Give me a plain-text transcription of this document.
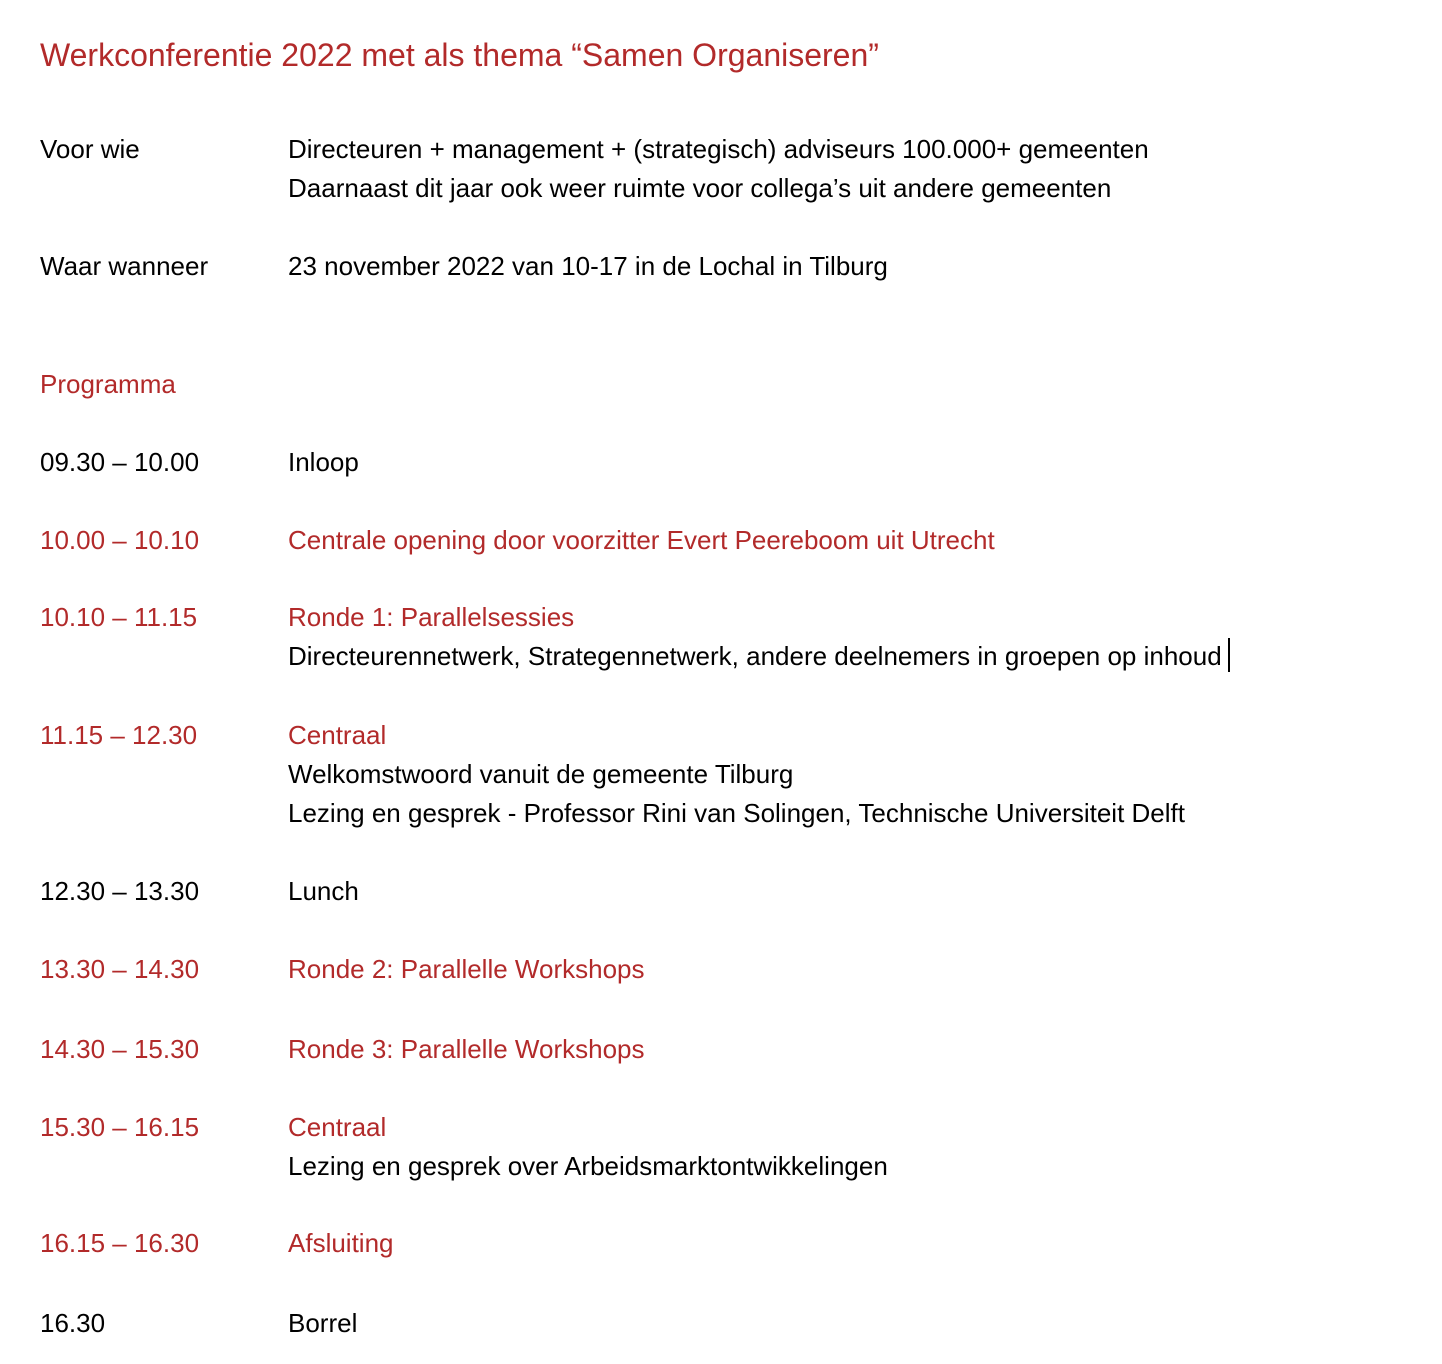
Werkconferentie 2022 met als thema “Samen Organiseren”
Voor wie	Directeuren + management + (strategisch) adviseurs 100.000+ gemeenten
Daarnaast dit jaar ook weer ruimte voor collega’s uit andere gemeenten
Waar wanneer	23 november 2022 van 10-17 in de Lochal in Tilburg
Programma
09.30 – 10.00	Inloop
10.00 – 10.10	Centrale opening door voorzitter Evert Peereboom uit Utrecht
10.10 – 11.15	Ronde 1: Parallelsessies
Directeurennetwerk, Strategennetwerk, andere deelnemers in groepen op inhoud
11.15 – 12.30	Centraal
Welkomstwoord vanuit de gemeente Tilburg
Lezing en gesprek - Professor Rini van Solingen, Technische Universiteit Delft
12.30 – 13.30	Lunch
13.30 – 14.30	Ronde 2: Parallelle Workshops
14.30 – 15.30	Ronde 3: Parallelle Workshops
15.30 – 16.15	Centraal
Lezing en gesprek over Arbeidsmarktontwikkelingen
16.15 – 16.30	Afsluiting
16.30	Borrel
